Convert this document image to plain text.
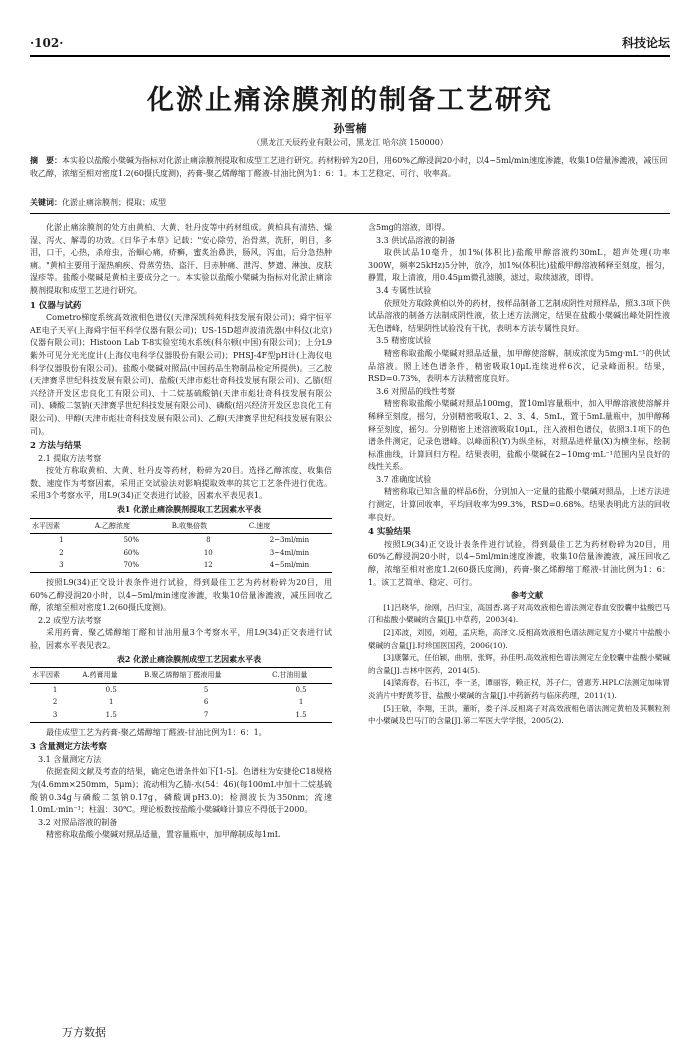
·102·	科技论坛
化淤止痛涂膜剂的制备工艺研究
孙雪楠
（黑龙江天辰药业有限公司，黑龙江 哈尔滨 150000）
摘　要：本实验以盐酸小檗碱为指标对化淤止痛涂膜剂提取和成型工艺进行研究。药材粉碎为20目，用60%乙醇浸润20小时，以4~5ml/min速度渗漉，收集10倍量渗漉液，减压回收乙醇，浓缩至相对密度1.2(60摄氏度测)，药膏-聚乙烯醇缩丁醛液-甘油比例为1：6：1。本工艺稳定、可行、收率高。
关键词：化淤止痛涂膜剂；提取；成型

化淤止痛涂膜剂的处方由黄柏、大黄、牡丹皮等中药材组成。黄柏具有清热、燥湿、泻火、解毒的功效。《日华子本草》记载："安心除劳，治骨蒸，洗肝，明目，多泪，口干，心热，杀疳虫，治蛔心痛，疥癣，蜜炙治鼻洪，肠风，泻血，后分急热肿痛。"黄柏主要用于湿热痢疾、骨蒸劳热、盗汗、目赤肿痛、泄泻、梦遗、淋浊、皮肤湿疹等。盐酸小檗碱是黄柏主要成分之一。本实验以盐酸小檗碱为指标对化淤止痛涂膜剂提取和成型工艺进行研究。

1 仪器与试药

Cometro梯度系统高效液相色谱仪(天津深凯科苑科技发展有限公司)；舜宇恒平AE电子天平(上海舜宇恒平科学仪器有限公司)；US-15D超声波清洗器(中科仪(北京)仪器有限公司)；Histoon Lab T-8实验室纯水系统(科尔顿(中国)有限公司)；上分L9紫外可见分光光度计(上海仪电科学仪器股份有限公司)；PHSJ-4F型pH计(上海仪电科学仪器股份有限公司)。盐酸小檗碱对照品(中国药品生物制品检定所提供)。三乙胺(天津赛孚世纪科技发展有限公司)、盐酸(天津市彪壮奇科技发展有限公司)、乙腈(绍兴经济开发区忠良化工有限公司)、十二烷基硫酸钠(天津市彪壮奇科技发展有限公司)、磷酸二氢钠(天津赛孚世纪科技发展有限公司)、磷酸(绍兴经济开发区忠良化工有限公司)、甲醇(天津市彪壮奇科技发展有限公司)、乙醇(天津赛孚世纪科技发展有限公司)。

2 方法与结果

2.1 提取方法考察

按处方称取黄柏、大黄、牡丹皮等药材，粉碎为20目。选择乙醇浓度、收集倍数、速度作为考察因素，采用正交试验法对影响提取效率的其它工艺条件进行优选。采用3个考察水平，用L9(34)正交表进行试验，因素水平表见表1。

表1 化淤止痛涂膜剂提取工艺因素水平表

水平因素	A.乙醇浓度	B.收集倍数	C.速度
1	50%	8	2~3ml/min
2	60%	10	3~4ml/min
3	70%	12	4~5ml/min

按照L9(34)正交设计表条件进行试验，得到最佳工艺为药材粉碎为20目，用60%乙醇浸润20小时，以4~5ml/min速度渗漉，收集10倍量渗漉液，减压回收乙醇，浓缩至相对密度1.2(60摄氏度测)。

2.2 成型方法考察

采用药膏、聚乙烯醇缩丁醛和甘油用量3个考察水平，用L9(34)正交表进行试验，因素水平表见表2。

表2 化淤止痛涂膜剂成型工艺因素水平表

水平因素	A.药膏用量	B.聚乙烯醇缩丁醛液用量	C.甘油用量
1	0.5	5	0.5
2	1	6	1
3	1.5	7	1.5

最佳成型工艺为药膏-聚乙烯醇缩丁醛液-甘油比例为1：6：1。

3 含量测定方法考察

3.1 含量测定方法

依据查阅文献及考查的结果，确定色谱条件如下[1-5]。色谱柱为安捷伦C18规格为(4.6mm×250mm，5μm)；流动相为乙腈-水(54：46)(每100mL中加十二烷基硫酸钠0.34g与磷酸二氢钠0.17g，磷酸调pH3.0)；检测波长为350nm；流速1.0mL·min⁻¹；柱温：30℃。理论板数按盐酸小檗碱峰计算应不得低于2000。

3.2 对照品溶液的制备

精密称取盐酸小檗碱对照品适量，置容量瓶中，加甲醇制成每1mL

含5mg的溶液，即得。

3.3 供试品溶液的制备

取供试品10毫升，加1%(体积比)盐酸甲醇溶液约30mL，超声处理(功率300W，频率25kHz)5分钟，放冷，加1%(体积比)盐酸甲醇溶液稀释至刻度，摇匀，静置，取上清液，用0.45μm微孔滤膜，滤过，取续滤液，即得。

3.4 专属性试验

依照处方取除黄柏以外的药材，按样品制备工艺制成阴性对照样品，照3.3项下供试品溶液的制备方法制成阴性液，依上述方法测定，结果在盐酸小檗碱出峰处阴性液无色谱峰，结果阴性试验没有干扰，表明本方法专属性良好。

3.5 精密度试验

精密称取盐酸小檗碱对照品适量，加甲醇使溶解，制成浓度为5mg·mL⁻¹的供试品溶液。照上述色谱条件，精密吸取10μL连续进样6次，记录峰面积。结果，RSD=0.73%，表明本方法精密度良好。

3.6 对照品的线性考察

精密称取盐酸小檗碱对照品100mg，置10ml容量瓶中，加入甲醇溶液使溶解并稀释至刻度，摇匀，分别精密吸取1、2、3、4、5mL，置于5mL量瓶中，加甲醇稀释至刻度，摇匀。分别精密上述溶液吸取10μL，注入液相色谱仪，依照3.1项下的色谱条件测定，记录色谱峰。以峰面积(Y)为纵坐标，对照品进样量(X)为横坐标，绘制标准曲线，计算回归方程。结果表明，盐酸小檗碱在2~10mg·mL⁻¹范围内呈良好的线性关系。

3.7 准确度试验

精密称取已知含量的样品6份，分别加入一定量的盐酸小檗碱对照品，上述方法进行测定，计算回收率，平均回收率为99.3%，RSD=0.68%。结果表明此方法的回收率良好。

4 实验结果

按照L9(34)正交设计表条件进行试验，得到最佳工艺为药材粉碎为20目，用60%乙醇浸润20小时，以4~5ml/min速度渗漉，收集10倍量渗漉液，减压回收乙醇，浓缩至相对密度1.2(60摄氏度测)，药膏-聚乙烯醇缩丁醛液-甘油比例为1：6：1。该工艺简单、稳定、可行。

参考文献

[1]吕晓华，徐刚，吕归宝，高国香.离子对高效液相色谱法测定春血安胶囊中盐酸巴马汀和盐酸小檗碱的含量[J].中草药，2003(4).

[2]邓波，刘园，刘超，孟庆艳，高泽文.反相高效液相色谱法测定复方小檗片中盐酸小檗碱的含量[J].时珍国医国药，2006(10).

[3]康馨元，任伯颖，曲朋，张辉，孙佳明.高效液相色谱法测定左金胶囊中盐酸小檗碱的含量[J].吉林中医药，2014(5).

[4]梁海春，石书江，李一圣，谭丽容，赖正权，苏子仁，曾惠芳.HPLC法测定加味胃炎消片中野黄芩苷、盐酸小檗碱的含量[J].中药新药与临床药理，2011(1).

[5]王敏，李翔，王洪，董昕，娄子洋.反相离子对高效液相色谱法测定黄柏及其颗粒剂中小檗碱及巴马汀的含量[J].第二军医大学学报，2005(2).

万方数据
